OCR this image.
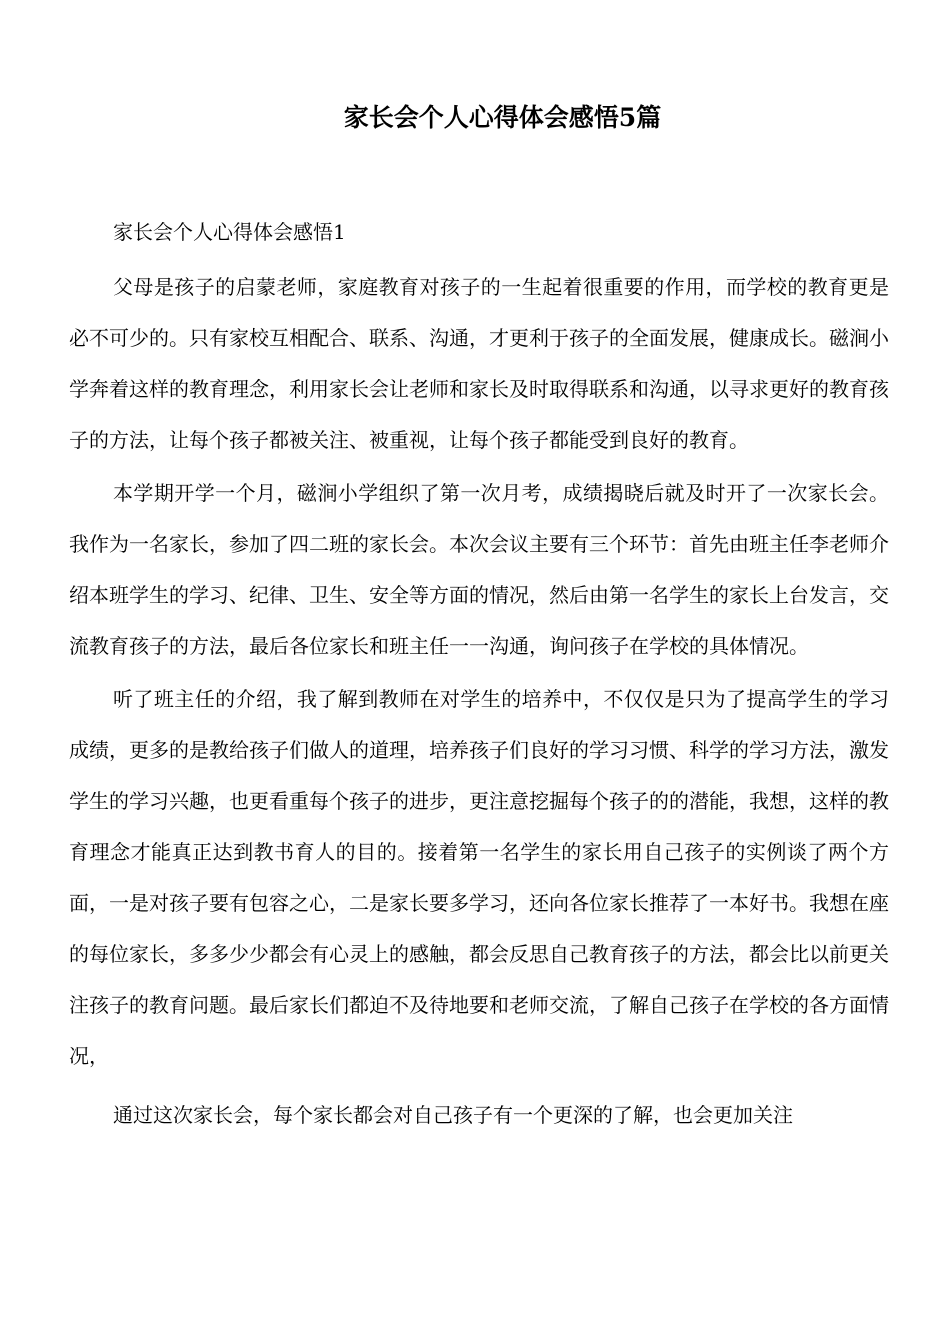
家长会个人心得体会感悟5篇
家长会个人心得体会感悟1

父母是孩子的启蒙老师，家庭教育对孩子的一生起着很重要的作用，而学校的教育更是必不可少的。只有家校互相配合、联系、沟通，才更利于孩子的全面发展，健康成长。磁涧小学奔着这样的教育理念，利用家长会让老师和家长及时取得联系和沟通，以寻求更好的教育孩子的方法，让每个孩子都被关注、被重视，让每个孩子都能受到良好的教育。

本学期开学一个月，磁涧小学组织了第一次月考，成绩揭晓后就及时开了一次家长会。我作为一名家长，参加了四二班的家长会。本次会议主要有三个环节：首先由班主任李老师介绍本班学生的学习、纪律、卫生、安全等方面的情况，然后由第一名学生的家长上台发言，交流教育孩子的方法，最后各位家长和班主任一一沟通，询问孩子在学校的具体情况。

听了班主任的介绍，我了解到教师在对学生的培养中，不仅仅是只为了提高学生的学习成绩，更多的是教给孩子们做人的道理，培养孩子们良好的学习习惯、科学的学习方法，激发学生的学习兴趣，也更看重每个孩子的进步，更注意挖掘每个孩子的的潜能，我想，这样的教育理念才能真正达到教书育人的目的。接着第一名学生的家长用自己孩子的实例谈了两个方面，一是对孩子要有包容之心，二是家长要多学习，还向各位家长推荐了一本好书。我想在座的每位家长，多多少少都会有心灵上的感触，都会反思自己教育孩子的方法，都会比以前更关注孩子的教育问题。最后家长们都迫不及待地要和老师交流，了解自己孩子在学校的各方面情况，

通过这次家长会，每个家长都会对自己孩子有一个更深的了解，也会更加关注
